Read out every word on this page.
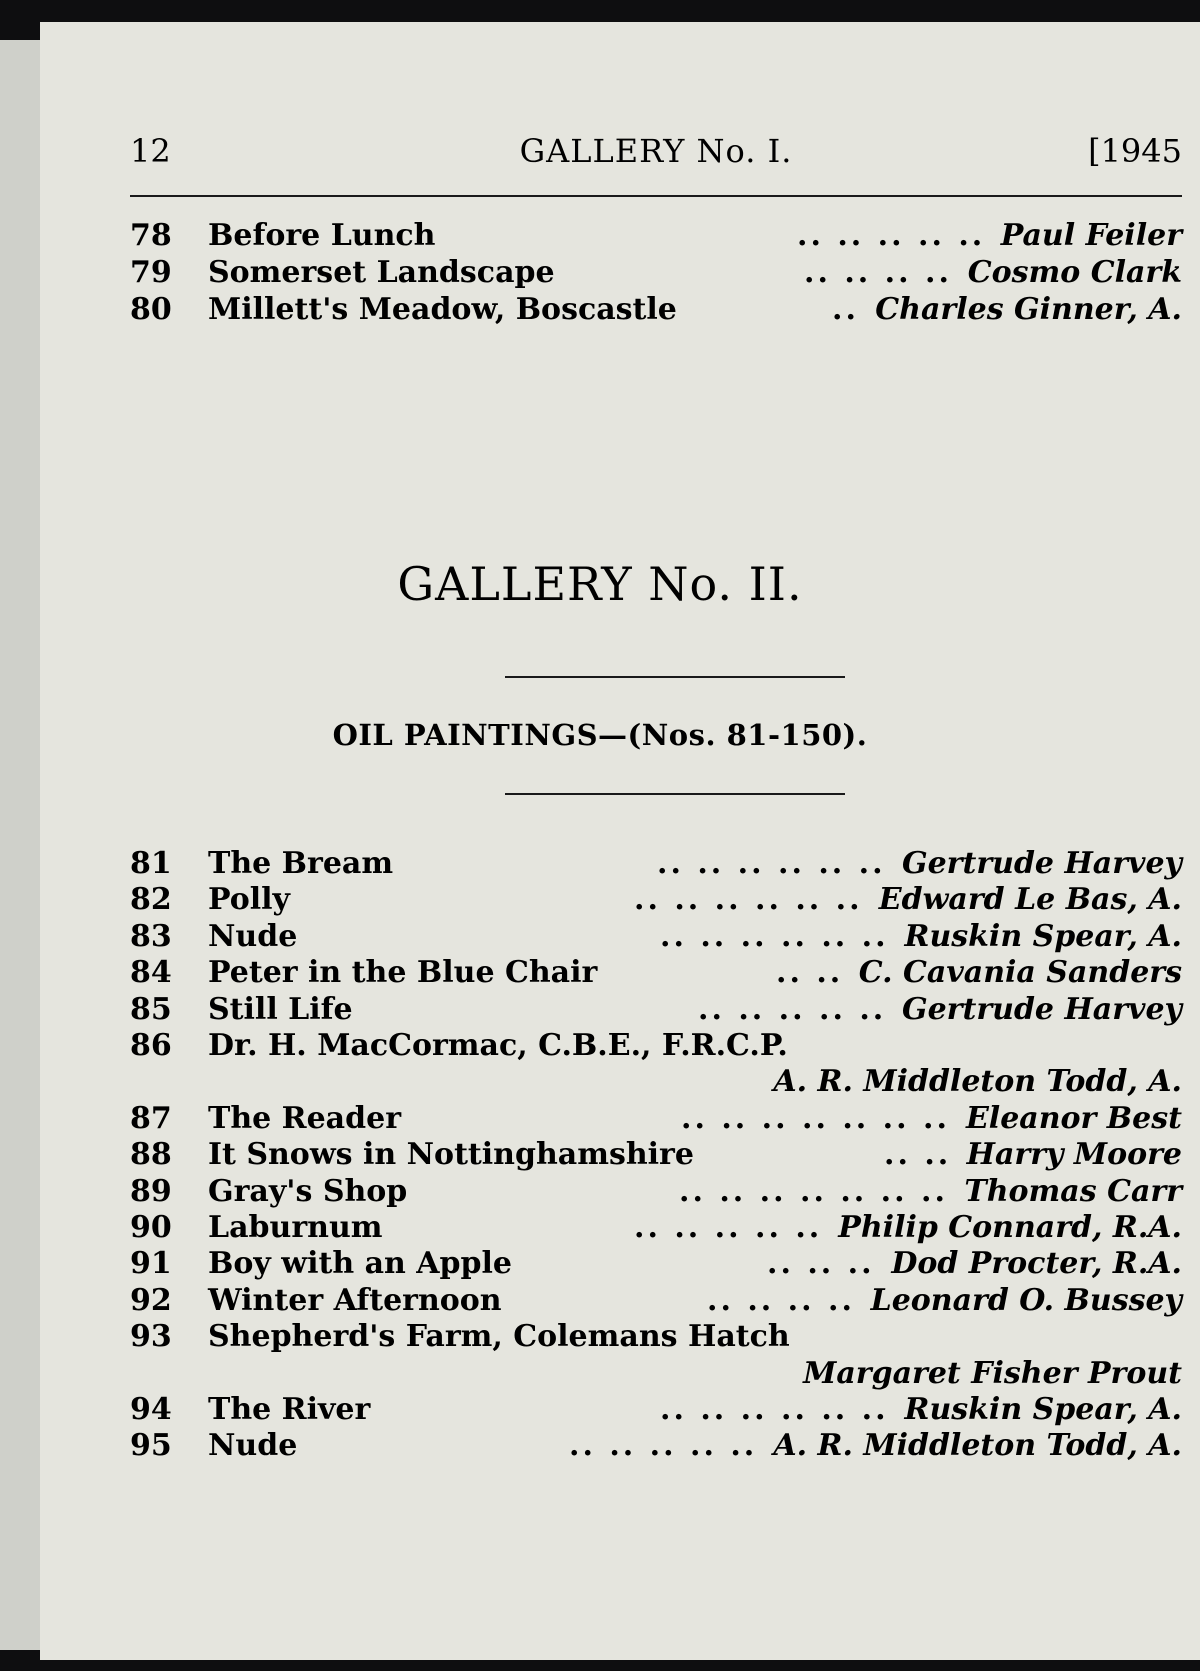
12	GALLERY No. I.	[1945
78	Before Lunch	Paul Feiler
.. .. .. .. ..
79	Somerset Landscape	Cosmo Clark
.. .. .. ..
80	Millett's Meadow, Boscastle	Charles Ginner, A.
..
GALLERY No. II.
OIL PAINTINGS—(Nos. 81-150).
81	The Bream	Gertrude Harvey
.. .. .. .. .. ..
82	Polly	Edward Le Bas, A.
.. .. .. .. .. ..
83	Nude	Ruskin Spear, A.
.. .. .. .. .. ..
84	Peter in the Blue Chair	C. Cavania Sanders
.. ..
85	Still Life	Gertrude Harvey
.. .. .. .. ..
86	Dr. H. MacCormac, C.B.E., F.R.C.P.
A. R. Middleton Todd, A.
87	The Reader	Eleanor Best
.. .. .. .. .. .. ..
88	It Snows in Nottinghamshire	Harry Moore
.. ..
89	Gray's Shop	Thomas Carr
.. .. .. .. .. .. ..
90	Laburnum	Philip Connard, R.A.
.. .. .. .. ..
91	Boy with an Apple	Dod Procter, R.A.
.. .. ..
92	Winter Afternoon	Leonard O. Bussey
.. .. .. ..
93	Shepherd's Farm, Colemans Hatch
Margaret Fisher Prout
94	The River	Ruskin Spear, A.
.. .. .. .. .. ..
95	Nude	A. R. Middleton Todd, A.
.. .. .. .. ..
